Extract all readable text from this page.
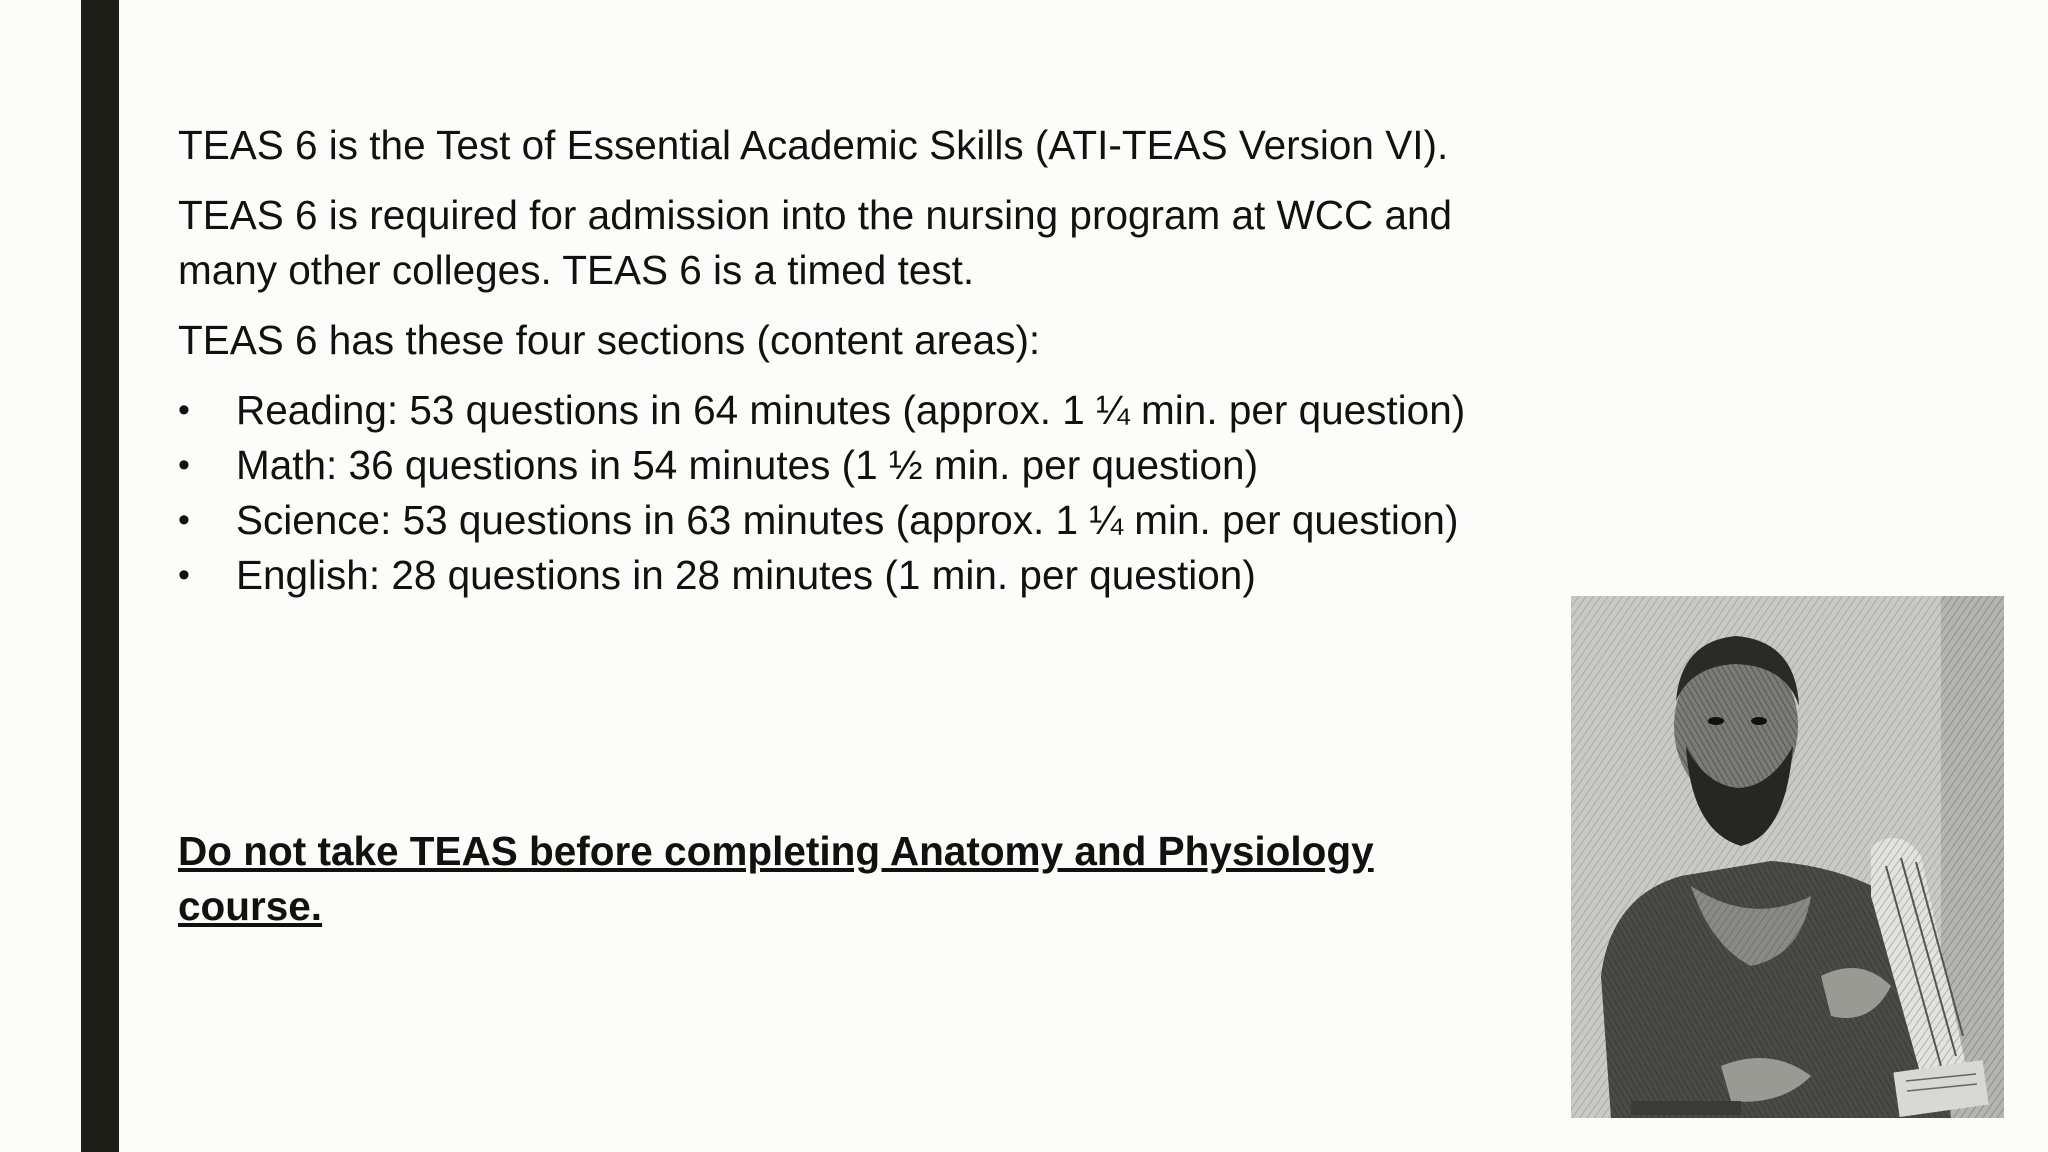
TEAS 6 is the Test of Essential Academic Skills (ATI-TEAS Version VI).

TEAS 6 is required for admission into the nursing program at WCC and many other colleges. TEAS 6 is a timed test.

TEAS 6 has these four sections (content areas):

• Reading: 53 questions in 64 minutes (approx. 1 ¼ min. per question)
• Math: 36 questions in 54 minutes (1 ½ min. per question)
• Science: 53 questions in 63 minutes (approx. 1 ¼ min. per question)
• English: 28 questions in 28 minutes (1 min. per question)

Do not take TEAS before completing Anatomy and Physiology course.
